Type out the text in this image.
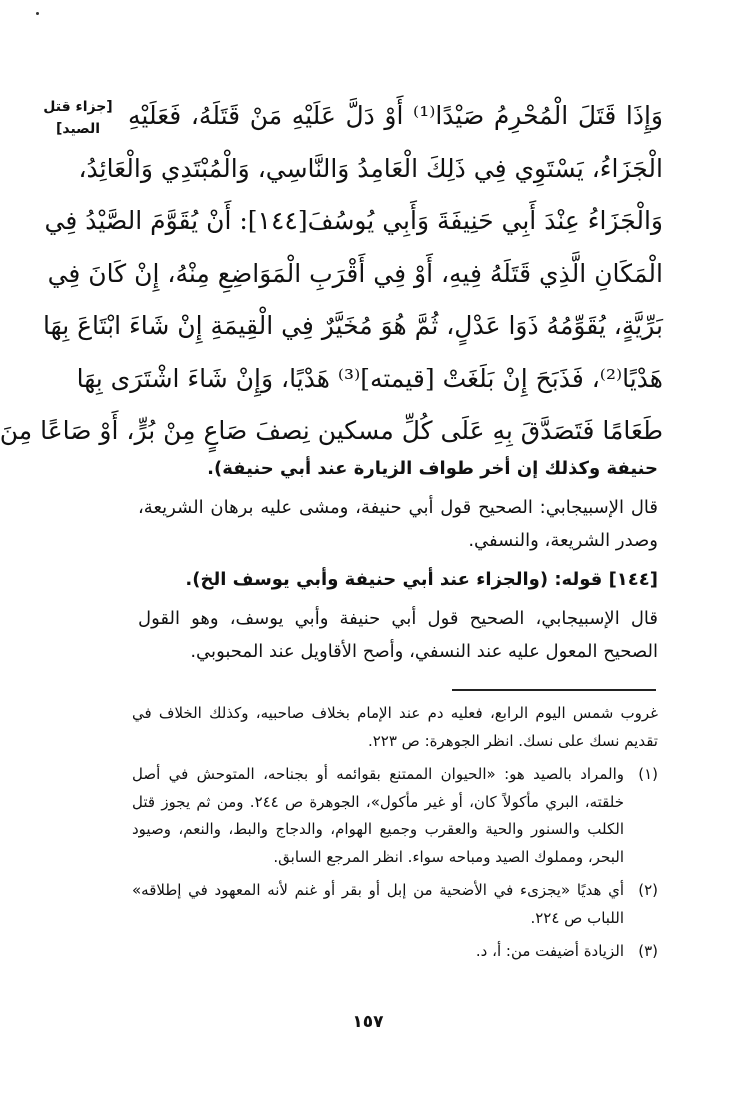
[جزاء قتل الصيد]	وَإِذَا قَتَلَ الْمُحْرِمُ صَيْدًا⁽¹⁾ أَوْ دَلَّ عَلَيْهِ مَنْ قَتَلَهُ، فَعَلَيْهِ
الْجَزَاءُ، يَسْتَوِي فِي ذَلِكَ الْعَامِدُ وَالنَّاسِي، وَالْمُبْتَدِي وَالْعَائِدُ،
وَالْجَزَاءُ عِنْدَ أَبِي حَنِيفَةَ وَأَبِي يُوسُفَ[١٤٤]: أَنْ يُقَوَّمَ الصَّيْدُ فِي
الْمَكَانِ الَّذِي قَتَلَهُ فِيهِ، أَوْ فِي أَقْرَبِ الْمَوَاضِعِ مِنْهُ، إِنْ كَانَ فِي
بَرِّيَّةٍ، يُقَوِّمُهُ ذَوَا عَدْلٍ، ثُمَّ هُوَ مُخَيَّرٌ فِي الْقِيمَةِ إِنْ شَاءَ ابْتَاعَ بِهَا
هَدْيًا⁽²⁾، فَذَبَحَ إِنْ بَلَغَتْ [قيمته]⁽³⁾ هَدْيًا، وَإِنْ شَاءَ اشْتَرَى بِهَا
طَعَامًا فَتَصَدَّقَ بِهِ عَلَى كُلِّ مسكين نِصفَ صَاعٍ مِنْ بُرٍّ، أَوْ صَاعًا مِنَ

حنيفة وكذلك إن أخر طواف الزيارة عند أبي حنيفة).

قال الإسبيجابي: الصحيح قول أبي حنيفة، ومشى عليه برهان الشريعة، وصدر الشريعة، والنسفي.

[١٤٤] قوله: (والجزاء عند أبي حنيفة وأبي يوسف الخ).

قال الإسبيجابي، الصحيح قول أبي حنيفة وأبي يوسف، وهو القول الصحيح المعول عليه عند النسفي، وأصح الأقاويل عند المحبوبي.

غروب شمس اليوم الرابع، فعليه دم عند الإمام بخلاف صاحبيه، وكذلك الخلاف في تقديم نسك على نسك. انظر الجوهرة: ص ٢٢٣.

(١)

والمراد بالصيد هو: «الحيوان الممتنع بقوائمه أو بجناحه، المتوحش في أصل خلقته، البري مأكولاً كان، أو غير مأكول»، الجوهرة ص ٢٤٤. ومن ثم يجوز قتل الكلب والسنور والحية والعقرب وجميع الهوام، والدجاج والبط، والنعم، وصيود البحر، ومملوك الصيد ومباحه سواء. انظر المرجع السابق.

(٢)

أي هديًا «يجزىء في الأضحية من إبل أو بقر أو غنم لأنه المعهود في إطلاقه» اللباب ص ٢٢٤.

(٣)

الزيادة أضيفت من: أ، د.

١٥٧
